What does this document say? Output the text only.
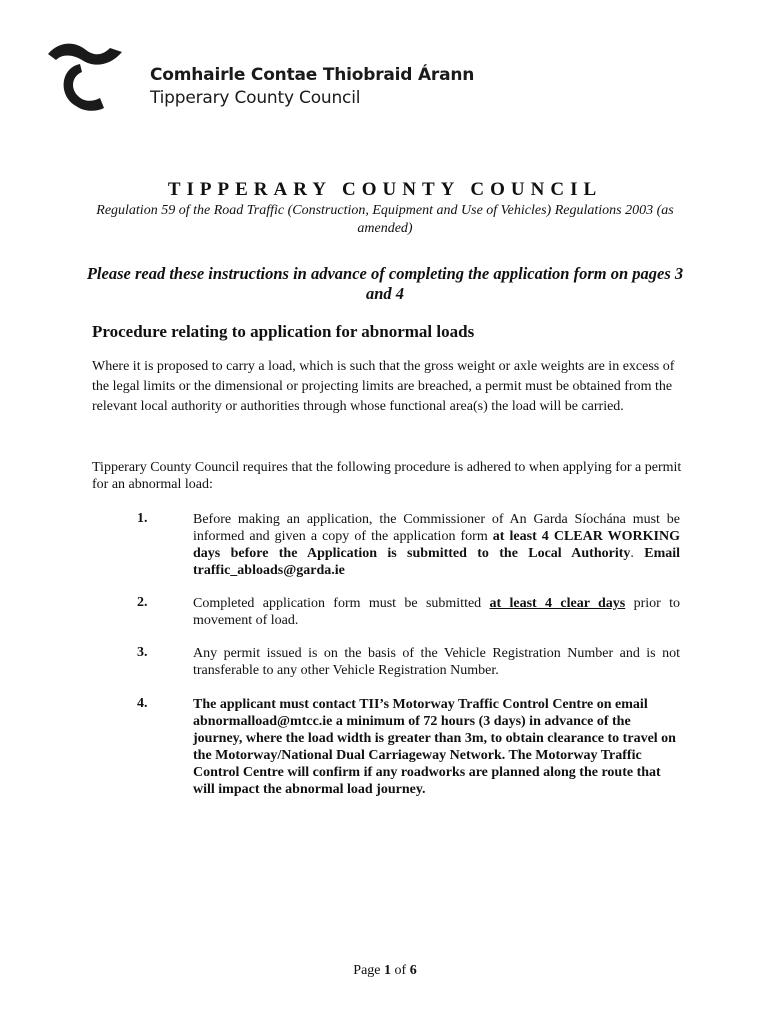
Comhairle Contae Thiobraid Árann
Tipperary County Council
TIPPERARY COUNTY COUNCIL
Regulation 59 of the Road Traffic (Construction, Equipment and Use of Vehicles) Regulations 2003 (as amended)
Please read these instructions in advance of completing the application form on pages 3 and 4
Procedure relating to application for abnormal loads
Where it is proposed to carry a load, which is such that the gross weight or axle weights are in excess of the legal limits or the dimensional or projecting limits are breached, a permit must be obtained from the relevant local authority or authorities through whose functional area(s) the load will be carried.
Tipperary County Council requires that the following procedure is adhered to when applying for a permit for an abnormal load:
1.	Before making an application, the Commissioner of An Garda Síochána must be informed and given a copy of the application form at least 4 CLEAR WORKING days before the Application is submitted to the Local Authority. Email traffic_abloads@garda.ie
2.	Completed application form must be submitted at least 4 clear days prior to movement of load.
3.	Any permit issued is on the basis of the Vehicle Registration Number and is not transferable to any other Vehicle Registration Number.
4.	The applicant must contact TII’s Motorway Traffic Control Centre on email abnormalload@mtcc.ie a minimum of 72 hours (3 days) in advance of the journey, where the load width is greater than 3m, to obtain clearance to travel on the Motorway/National Dual Carriageway Network. The Motorway Traffic Control Centre will confirm if any roadworks are planned along the route that will impact the abnormal load journey.
Page 1 of 6
